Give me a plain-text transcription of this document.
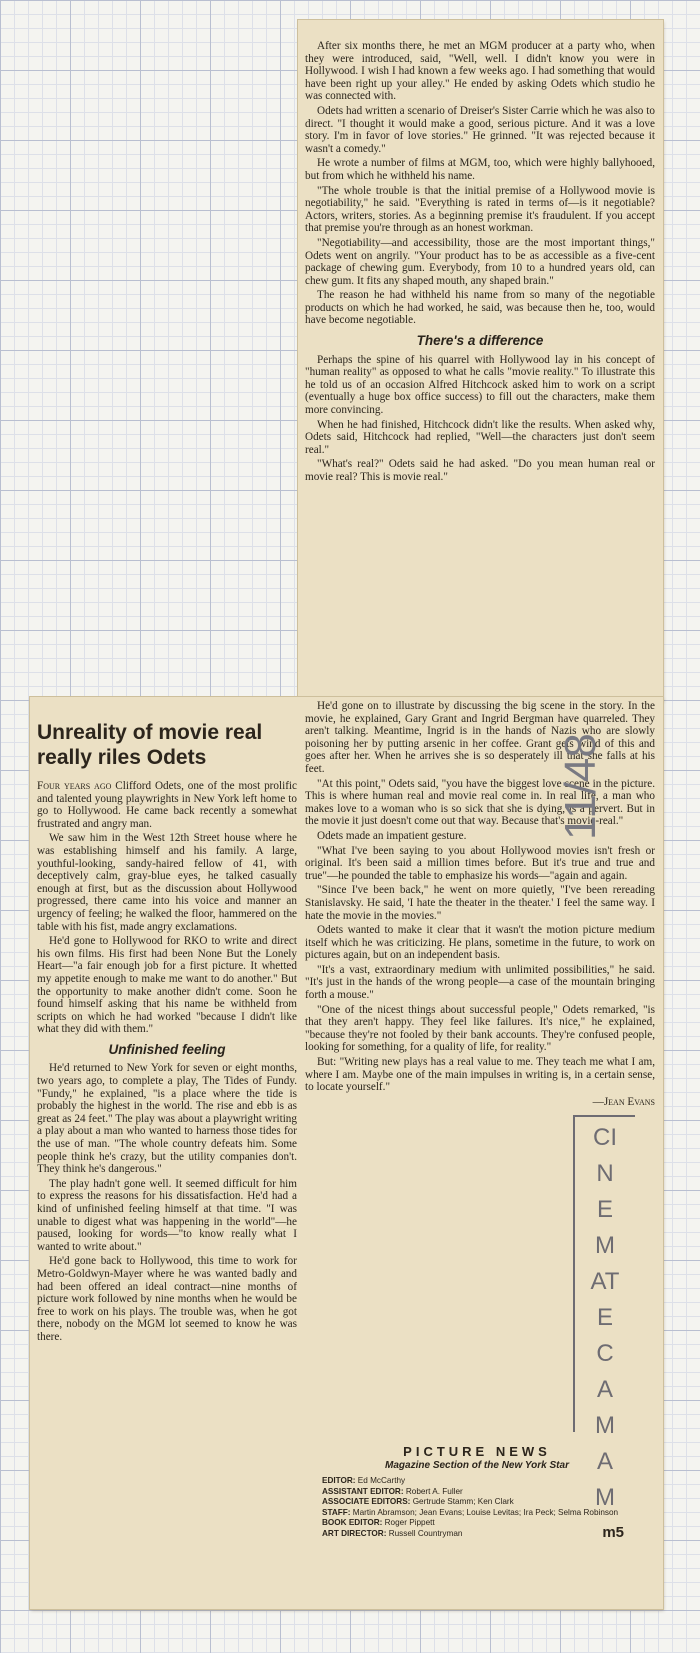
After six months there, he met an MGM producer at a party who, when they were introduced, said, "Well, well. I didn't know you were in Hollywood. I wish I had known a few weeks ago. I had something that would have been right up your alley." He ended by asking Odets which studio he was connected with.

Odets had written a scenario of Dreiser's Sister Carrie which he was also to direct. "I thought it would make a good, serious picture. And it was a love story. I'm in favor of love stories." He grinned. "It was rejected because it wasn't a comedy."

He wrote a number of films at MGM, too, which were highly ballyhooed, but from which he withheld his name.

"The whole trouble is that the initial premise of a Hollywood movie is negotiability," he said. "Everything is rated in terms of—is it negotiable? Actors, writers, stories. As a beginning premise it's fraudulent. If you accept that premise you're through as an honest workman.

"Negotiability—and accessibility, those are the most important things," Odets went on angrily. "Your product has to be as accessible as a five-cent package of chewing gum. Everybody, from 10 to a hundred years old, can chew gum. It fits any shaped mouth, any shaped brain."

The reason he had withheld his name from so many of the negotiable products on which he had worked, he said, was because then he, too, would have become negotiable.

There's a difference

Perhaps the spine of his quarrel with Hollywood lay in his concept of "human reality" as opposed to what he calls "movie reality." To illustrate this he told us of an occasion Alfred Hitchcock asked him to work on a script (eventually a huge box office success) to fill out the characters, make them more convincing.

When he had finished, Hitchcock didn't like the results. When asked why, Odets said, Hitchcock had replied, "Well—the characters just don't seem real."

"What's real?" Odets said he had asked. "Do you mean human real or movie real? This is movie real."

He'd gone on to illustrate by discussing the big scene in the story. In the movie, he explained, Gary Grant and Ingrid Bergman have quarreled. They aren't talking. Meantime, Ingrid is in the hands of Nazis who are slowly poisoning her by putting arsenic in her coffee. Grant gets wind of this and goes after her. When he arrives she is so desperately ill that she falls at his feet.

"At this point," Odets said, "you have the biggest love scene in the picture. This is where human real and movie real come in. In real life, a man who makes love to a woman who is so sick that she is dying, is a pervert. But in the movie it just doesn't come out that way. Because that's movie-real."

Odets made an impatient gesture.

"What I've been saying to you about Hollywood movies isn't fresh or original. It's been said a million times before. But it's true and true and true"—he pounded the table to emphasize his words—"again and again.

"Since I've been back," he went on more quietly, "I've been rereading Stanislavsky. He said, 'I hate the theater in the theater.' I feel the same way. I hate the movie in the movies."

Odets wanted to make it clear that it wasn't the motion picture medium itself which he was criticizing. He plans, sometime in the future, to work on pictures again, but on an independent basis.

"It's a vast, extraordinary medium with unlimited possibilities," he said. "It's just in the hands of the wrong people—a case of the mountain bringing forth a mouse."

"One of the nicest things about successful people," Odets remarked, "is that they aren't happy. They feel like failures. It's nice," he explained, "because they're not fooled by their bank accounts. They're confused people, looking for something, for a quality of life, for reality."

But: "Writing new plays has a real value to me. They teach me what I am, where I am. Maybe one of the main impulses in writing is, in a certain sense, to locate yourself."

—Jean Evans

Unreality of movie real really riles Odets

Four years ago Clifford Odets, one of the most prolific and talented young playwrights in New York left home to go to Hollywood. He came back recently a somewhat frustrated and angry man.

We saw him in the West 12th Street house where he was establishing himself and his family. A large, youthful-looking, sandy-haired fellow of 41, with deceptively calm, gray-blue eyes, he talked casually enough at first, but as the discussion about Hollywood progressed, there came into his voice and manner an urgency of feeling; he walked the floor, hammered on the table with his fist, made angry exclamations.

He'd gone to Hollywood for RKO to write and direct his own films. His first had been None But the Lonely Heart—"a fair enough job for a first picture. It whetted my appetite enough to make me want to do another." But the opportunity to make another didn't come. Soon he found himself asking that his name be withheld from scripts on which he had worked "because I didn't like what they did with them."

Unfinished feeling

He'd returned to New York for seven or eight months, two years ago, to complete a play, The Tides of Fundy. "Fundy," he explained, "is a place where the tide is probably the highest in the world. The rise and ebb is as great as 24 feet." The play was about a playwright writing a play about a man who wanted to harness those tides for the use of man. "The whole country defeats him. Some people think he's crazy, but the utility companies don't. They think he's dangerous."

The play hadn't gone well. It seemed difficult for him to express the reasons for his dissatisfaction. He'd had a kind of unfinished feeling himself at that time. "I was unable to digest what was happening in the world"—he paused, looking for words—"to know really what I wanted to write about."

He'd gone back to Hollywood, this time to work for Metro-Goldwyn-Mayer where he was wanted badly and had been offered an ideal contract—nine months of picture work followed by nine months when he would be free to work on his plays. The trouble was, when he got there, nobody on the MGM lot seemed to know he was there.

PICTURE NEWS
Magazine Section of the New York Star
EDITOR: Ed McCarthy
ASSISTANT EDITOR: Robert A. Fuller
ASSOCIATE EDITORS: Gertrude Stamm; Ken Clark
STAFF: Martin Abramson; Jean Evans; Louise Levitas; Ira Peck; Selma Robinson
BOOK EDITOR: Roger Pippett
ART DIRECTOR: Russell Countryman	m5
CINEMATECA MAM
11/48
